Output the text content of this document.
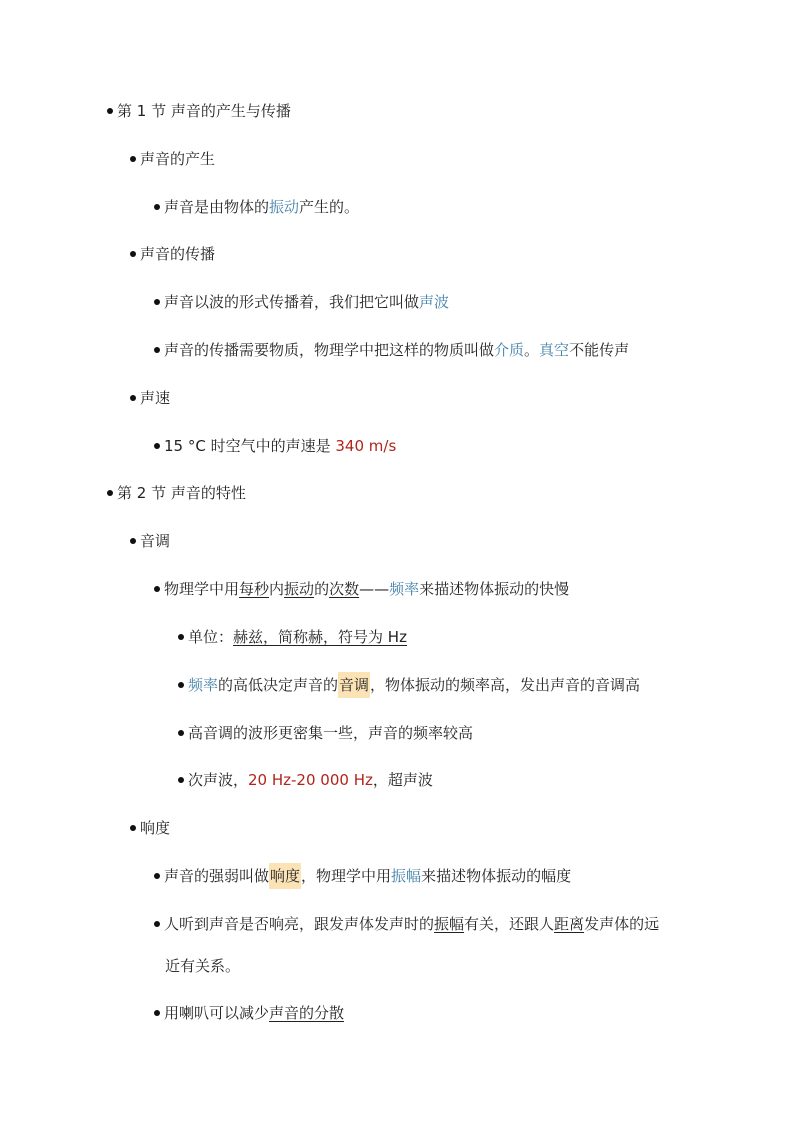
第 1 节 声音的产生与传播
声音的产生
声音是由物体的振动产生的。
声音的传播
声音以波的形式传播着，我们把它叫做声波
声音的传播需要物质，物理学中把这样的物质叫做介质。真空不能传声
声速
15 °C 时空气中的声速是 340 m/s
第 2 节 声音的特性
音调
物理学中用每秒内振动的次数——频率来描述物体振动的快慢
单位：赫兹，简称赫，符号为 Hz
频率的高低决定声音的音调，物体振动的频率高，发出声音的音调高
高音调的波形更密集一些，声音的频率较高
次声波，20 Hz-20 000 Hz，超声波
响度
声音的强弱叫做响度，物理学中用振幅来描述物体振动的幅度
人听到声音是否响亮，跟发声体发声时的振幅有关，还跟人距离发声体的远
近有关系。
用喇叭可以减少声音的分散
